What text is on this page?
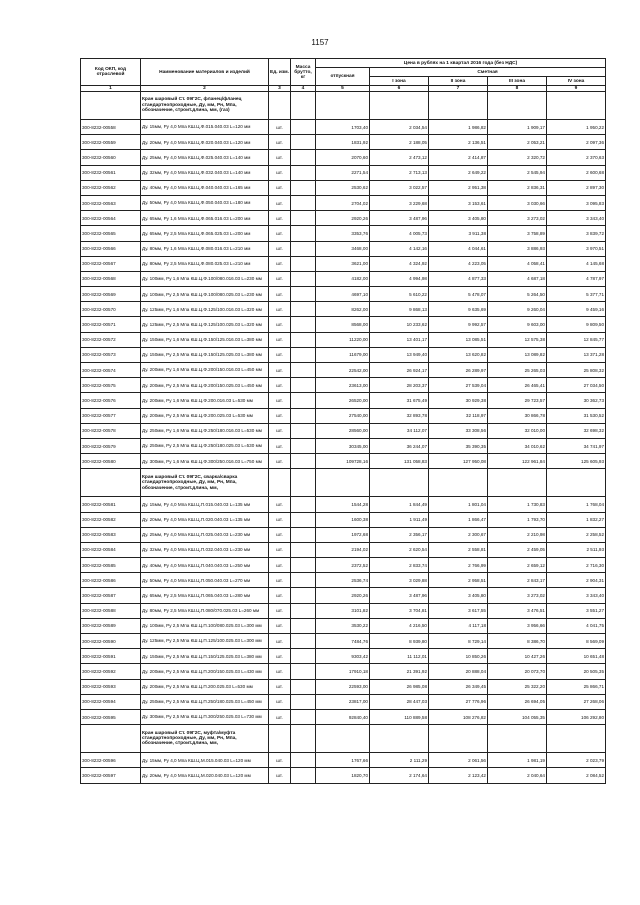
1157
Код ОКП, код отраслевой	Наименование материалов и изделий	Ед. изм.	Масса брутто, кг	Цена в рублях на 1 квартал 2016 года (без НДС)				
				отпускная	Сметная			
					I зона	II зона	III зона	IV зона
1	2	3	4	5	6	7	8	9
	Кран шаровый Ст. 09Г2С, фланец/фланец стандартнопроходные, Ду, мм, Рн, Мпа, обозначение, строит.длина, мм, (газ)							
300-8232-00558	Ду. 15мм, Ру 4,0 Мпа КШ.Ц.Ф.015.040.03 L=120 мм	шт.		1703,40	2 034,54	1 986,82	1 909,17	1 950,22
300-8232-00559	Ду. 20мм, Ру 4,0 Мпа КШ.Ц.Ф.020.040.03 L=120 мм	шт.		1831,92	2 188,05	2 136,51	2 053,21	2 097,36
300-8232-00560	Ду. 25мм, Ру 4,0 Мпа КШ.Ц.Ф.025.040.03 L=140 мм	шт.		2070,60	2 473,12	2 414,87	2 320,72	2 370,63
300-8232-00561	Ду. 32мм, Ру 4,0 Мпа КШ.Ц.Ф.032.040.03 L=140 мм	шт.		2271,54	2 713,13	2 649,22	2 545,94	2 600,68
300-8232-00562	Ду. 40мм, Ру 4,0 Мпа КШ.Ц.Ф.040.040.03 L=165 мм	шт.		2530,62	3 022,57	2 951,38	2 836,31	2 897,30
300-8232-00563	Ду. 50мм, Ру 4,0 Мпа КШ.Ц.Ф.050.040.03 L=180 мм	шт.		2704,02	3 229,68	3 153,61	3 030,66	3 095,83
300-8232-00564	Ду. 65мм, Ру 1,6 Мпа КШ.Ц.Ф.065.016.03 L=200 мм	шт.		2920,26	3 487,96	3 405,80	3 273,02	3 343,40
300-8232-00565	Ду. 65мм, Ру 2,5 Мпа КШ.Ц.Ф.065.025.03 L=200 мм	шт.		3353,76	4 005,73	3 911,38	3 758,89	3 839,72
300-8232-00566	Ду. 80мм, Ру 1,6 Мпа КШ.Ц.Ф.080.016.03 L=210 мм	шт.		3468,00	4 142,16	4 044,61	3 886,93	3 970,51
300-8232-00567	Ду. 80мм, Ру 2,5 Мпа КШ.Ц.Ф.080.025.03 L=210 мм	шт.		3621,00	4 324,92	4 223,05	4 058,41	4 145,68
300-8232-00568	Ду. 100мм, Ру 1,6 Мпа КШ.Ц.Ф.100/080.016.03 L=230 мм	шт.		4182,00	4 994,98	4 877,33	4 687,18	4 787,97
300-8232-00569	Ду. 100мм, Ру 2,5 Мпа КШ.Ц.Ф.100/080.025.03 L=230 мм	шт.		4697,10	5 610,22	5 478,07	5 264,50	5 377,71
300-8232-00570	Ду. 125мм, Ру 1,6 Мпа КШ.Ц.Ф.125/100.016.03 L=320 мм	шт.		8262,00	9 868,13	9 635,69	9 260,04	9 459,16
300-8232-00571	Ду. 125мм, Ру 2,5 Мпа КШ.Ц.Ф.125/100.025.03 L=320 мм	шт.		8568,00	10 233,62	9 992,57	9 603,00	9 809,50
300-8232-00572	Ду. 150мм, Ру 1,6 Мпа КШ.Ц.Ф.150/125.016.03 L=380 мм	шт.		11220,00	13 401,17	13 085,51	12 575,38	12 845,77
300-8232-00573	Ду. 150мм, Ру 2,5 Мпа КШ.Ц.Ф.150/125.025.03 L=380 мм	шт.		11679,00	13 949,40	13 620,82	13 089,82	13 371,28
300-8232-00574	Ду. 200мм, Ру 1,6 Мпа КШ.Ц.Ф.200/150.016.03 L=450 мм	шт.		22542,00	26 924,17	26 289,97	25 265,03	25 808,32
300-8232-00575	Ду. 200мм, Ру 2,5 Мпа КШ.Ц.Ф.200/150.025.03 L=450 мм	шт.		23613,00	28 203,37	27 539,04	26 465,41	27 034,50
300-8232-00576	Ду. 200мм, Ру 1,6 Мпа КШ.Ц.Ф.200.016.03 L=530 мм	шт.		26520,00	31 675,49	30 929,38	29 723,57	30 362,73
300-8232-00577	Ду. 200мм, Ру 2,5 Мпа КШ.Ц.Ф.200.025.03 L=530 мм	шт.		27540,00	32 893,78	32 118,97	30 866,78	31 530,52
300-8232-00578	Ду. 250мм, Ру 1,6 Мпа КШ.Ц.Ф.250/180.016.03 L=530 мм	шт.		28560,00	34 112,07	33 308,56	32 010,00	32 698,32
300-8232-00579	Ду. 250мм, Ру 2,5 Мпа КШ.Ц.Ф.250/180.025.03 L=530 мм	шт.		30345,00	36 244,07	35 390,35	34 010,62	34 741,97
300-8232-00580	Ду. 300мм, Ру 1,6 Мпа КШ.Ц.Ф.300/250.016.03 L=750 мм	шт.		109728,16	131 058,83	127 950,08	122 961,84	125 605,93
	Кран шаровый Ст. 09Г2С, сварка/сварка стандартнопроходные, Ду, мм, Рн, Мпа, обозначение, строит.длина, мм,							
300-8232-00581	Ду. 15мм, Ру 4,0 Мпа КШ.Ц.П.015.040.03 L=135 мм	шт.		1544,28	1 844,49	1 801,04	1 730,83	1 768,04
300-8232-00582	Ду. 20мм, Ру 4,0 Мпа КШ.Ц.П.020.040.03 L=135 мм	шт.		1600,38	1 911,49	1 866,47	1 793,70	1 832,27
300-8232-00583	Ду. 25мм, Ру 4,0 Мпа КШ.Ц.П.025.040.03 L=230 мм	шт.		1972,68	2 356,17	2 300,67	2 210,98	2 258,52
300-8232-00584	Ду. 32мм, Ру 4,0 Мпа КШ.Ц.П.032.040.03 L=230 мм	шт.		2194,02	2 620,54	2 558,81	2 459,05	2 511,93
300-8232-00585	Ду. 40мм, Ру 4,0 Мпа КШ.Ц.П.040.040.03 L=250 мм	шт.		2372,52	2 833,74	2 766,99	2 659,12	2 716,30
300-8232-00586	Ду. 50мм, Ру 4,0 Мпа КШ.Ц.П.050.040.03 L=270 мм	шт.		2536,74	3 029,88	2 958,51	2 843,17	2 904,31
300-8232-00587	Ду. 65мм, Ру 2,5 Мпа КШ.Ц.П.065.040.03 L=280 мм	шт.		2920,26	3 487,96	3 405,80	3 273,02	3 343,40
300-8232-00588	Ду. 80мм, Ру 2,5 Мпа КШ.Ц.П.080/070.025.03 L=260 мм	шт.		3101,82	3 704,81	3 617,55	3 476,51	3 551,27
300-8232-00589	Ду. 100мм, Ру 2,5 Мпа КШ.Ц.П.100/080.025.03 L=300 мм	шт.		3530,22	4 216,50	4 117,18	3 956,66	4 041,75
300-8232-00590	Ду. 125мм, Ру 2,5 Мпа КШ.Ц.П.125/100.025.03 L=300 мм	шт.		7484,76	8 939,80	8 729,14	8 386,70	8 569,09
300-8232-00591	Ду. 150мм, Ру 2,5 Мпа КШ.Ц.П.150/125.025.03 L=380 мм	шт.		9303,42	11 112,01	10 850,26	10 427,26	10 651,48
300-8232-00592	Ду. 200мм, Ру 2,5 Мпа КШ.Ц.П.200/150.025.03 L=430 мм	шт.		17910,18	21 391,92	20 888,04	20 073,70	20 505,35
300-8232-00593	Ду. 200мм, Ру 2,5 Мпа КШ.Ц.П.200.025.03 L=530 мм	шт.		22593,00	26 985,08	26 349,45	25 322,20	25 866,71
300-8232-00594	Ду. 250мм, Ру 2,5 Мпа КШ.Ц.П.250/180.025.03 L=450 мм	шт.		23817,00	28 447,03	27 776,96	26 694,05	27 268,06
300-8232-00595	Ду. 300мм, Ру 2,5 Мпа КШ.Ц.П.300/250.025.03 L=730 мм	шт.		92840,40	110 889,58	108 276,82	104 055,35	106 292,80
	Кран шаровый Ст. 09Г2С, муфта/муфта стандартнопроходные, Ду, мм, Рн, Мпа, обозначение, строит.длина, мм,							
300-8232-00596	Ду. 15мм, Ру 4,0 Мпа КШ.Ц.М.015.040.03 L=120 мм	шт.		1767,66	2 111,29	2 061,56	1 981,19	2 023,79
300-8232-00597	Ду. 20мм, Ру 4,0 Мпа КШ.Ц.М.020.040.03 L=120 мм	шт.		1820,70	2 174,64	2 123,42	2 040,64	2 084,52
